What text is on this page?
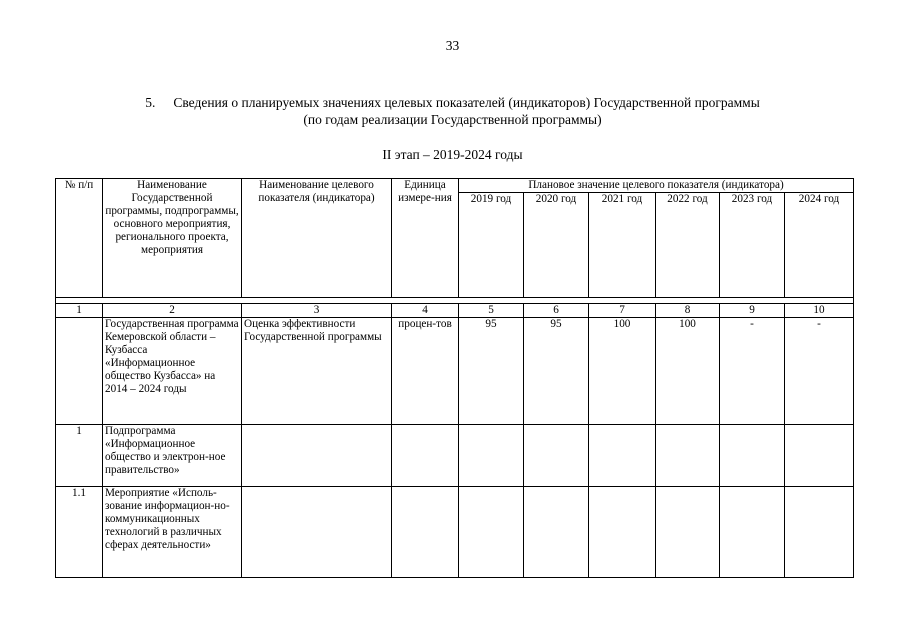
33
5. Сведения о планируемых значениях целевых показателей (индикаторов) Государственной программы
(по годам реализации Государственной программы)
II этап – 2019-2024 годы
№ п/п	Наименование Государственной программы, подпрограммы, основного мероприятия, регионального проекта, мероприятия	Наименование целевого показателя (индикатора)	Единица измере-ния	Плановое значение целевого показателя (индикатора)					
				2019 год	2020 год	2021 год	2022 год	2023 год	2024 год

1	2	3	4	5	6	7	8	9	10
	Государственная программа Кемеровской области – Кузбасса «Информационное общество Кузбасса» на 2014 – 2024 годы	Оценка эффективности Государственной программы	процен-тов	95	95	100	100	-	-
1	Подпрограмма «Информационное общество и электрон-ное правительство»								
1.1	Мероприятие «Исполь-зование информацион-но-коммуникационных технологий в различных сферах деятельности»								
